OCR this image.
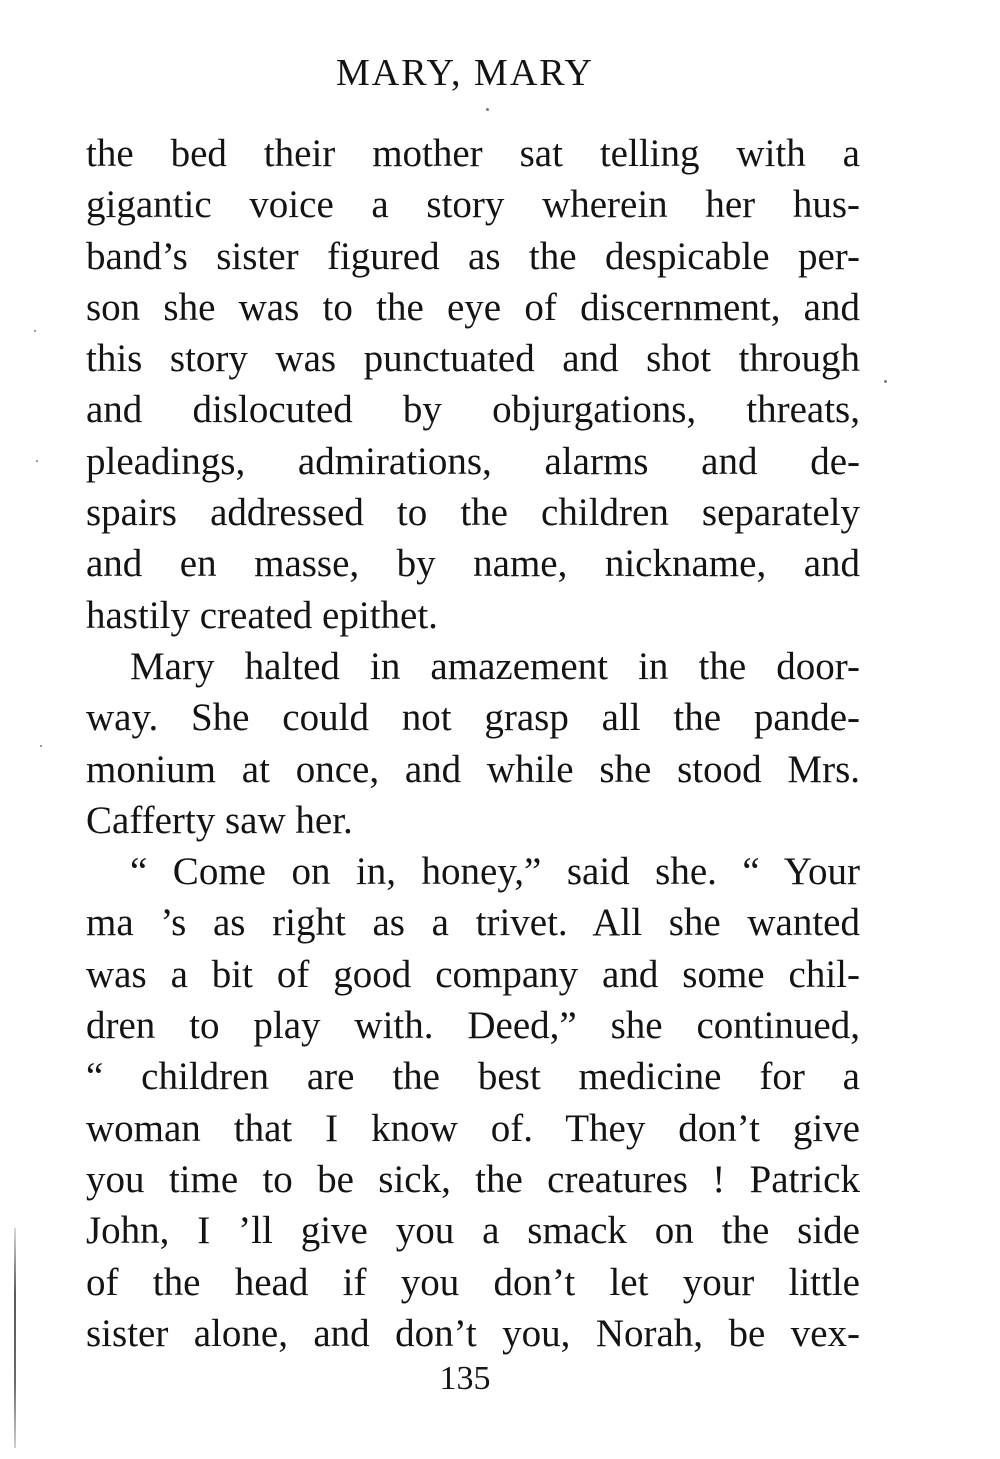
MARY, MARY
the bed their mother sat telling with a
gigantic voice a story wherein her hus-
band’s sister figured as the despicable per-
son she was to the eye of discernment, and
this story was punctuated and shot through
and dislocuted by objurgations, threats,
pleadings, admirations, alarms and de-
spairs addressed to the children separately
and en masse, by name, nickname, and
hastily created epithet.
Mary halted in amazement in the door-
way. She could not grasp all the pande-
monium at once, and while she stood Mrs.
Cafferty saw her.
“ Come on in, honey,” said she. “ Your
ma ’s as right as a trivet. All she wanted
was a bit of good company and some chil-
dren to play with. Deed,” she continued,
“ children are the best medicine for a
woman that I know of. They don’t give
you time to be sick, the creatures ! Patrick
John, I ’ll give you a smack on the side
of the head if you don’t let your little
sister alone, and don’t you, Norah, be vex-
135
